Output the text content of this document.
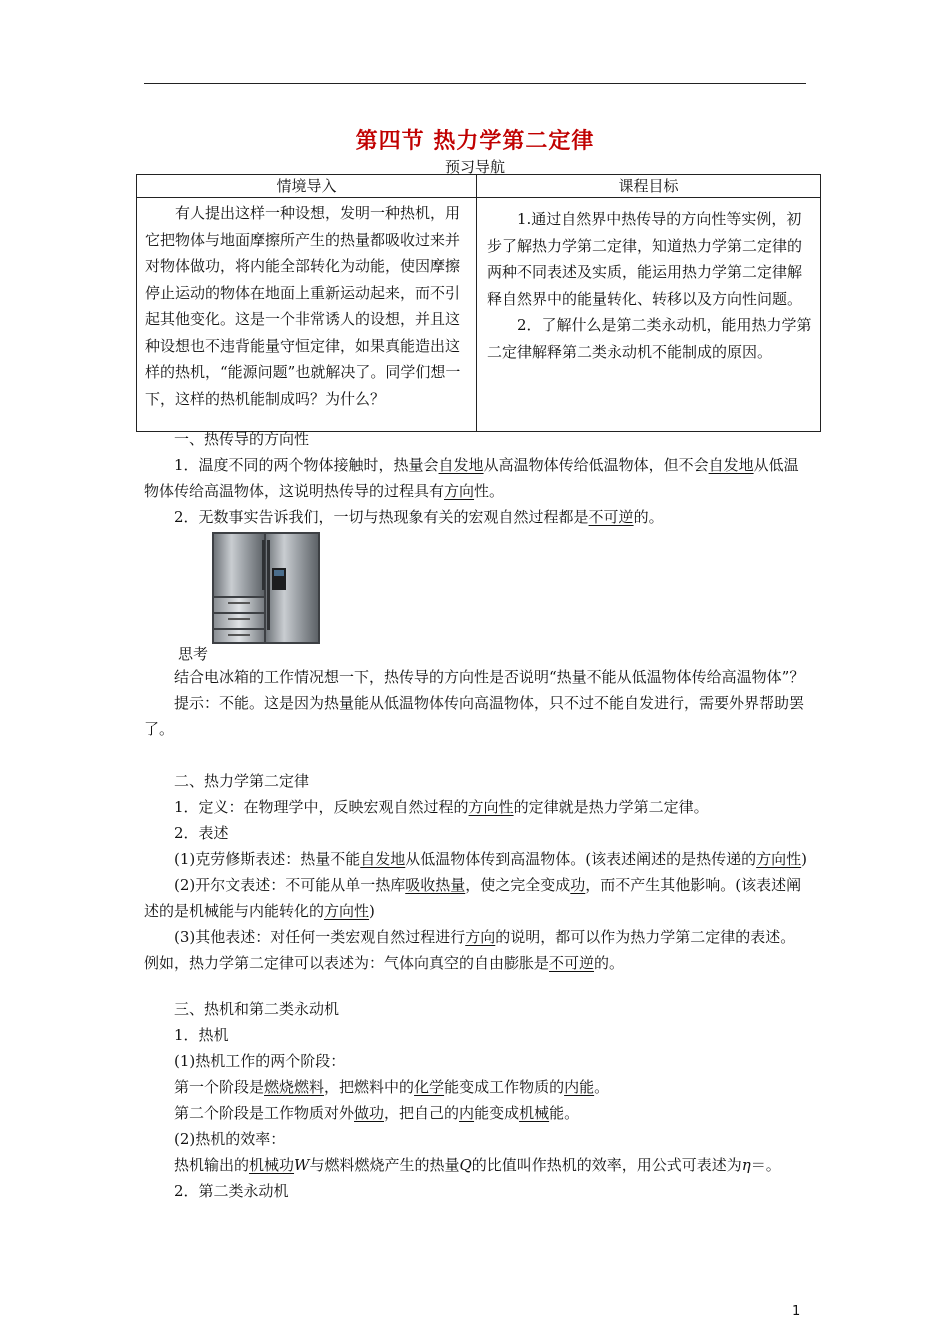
第四节 热力学第二定律
预习导航
情境导入	课程目标
有人提出这样一种设想，发明一种热机，用它把物体与地面摩擦所产生的热量都吸收过来并对物体做功，将内能全部转化为动能，使因摩擦停止运动的物体在地面上重新运动起来，而不引起其他变化。这是一个非常诱人的设想，并且这种设想也不违背能量守恒定律，如果真能造出这样的热机，“能源问题”也就解决了。同学们想一下，这样的热机能制成吗？为什么？	1.通过自然界中热传导的方向性等实例，初步了解热力学第二定律，知道热力学第二定律的两种不同表述及实质，能运用热力学第二定律解释自然界中的能量转化、转移以及方向性问题。

2．了解什么是第二类永动机，能用热力学第二定律解释第二类永动机不能制成的原因。

一、热传导的方向性

1．温度不同的两个物体接触时，热量会自发地从高温物体传给低温物体，但不会自发地从低温物体传给高温物体，这说明热传导的过程具有方向性。

2．无数事实告诉我们，一切与热现象有关的宏观自然过程都是不可逆的。

思考

结合电冰箱的工作情况想一下，热传导的方向性是否说明“热量不能从低温物体传给高温物体”？

提示：不能。这是因为热量能从低温物体传向高温物体，只不过不能自发进行，需要外界帮助罢了。

二、热力学第二定律

1．定义：在物理学中，反映宏观自然过程的方向性的定律就是热力学第二定律。

2．表述

(1)克劳修斯表述：热量不能自发地从低温物体传到高温物体。(该表述阐述的是热传递的方向性)

(2)开尔文表述：不可能从单一热库吸收热量，使之完全变成功，而不产生其他影响。(该表述阐述的是机械能与内能转化的方向性)

(3)其他表述：对任何一类宏观自然过程进行方向的说明，都可以作为热力学第二定律的表述。例如，热力学第二定律可以表述为：气体向真空的自由膨胀是不可逆的。

三、热机和第二类永动机

1．热机

(1)热机工作的两个阶段：

第一个阶段是燃烧燃料，把燃料中的化学能变成工作物质的内能。

第二个阶段是工作物质对外做功，把自己的内能变成机械能。

(2)热机的效率：

热机输出的机械功W与燃料燃烧产生的热量Q的比值叫作热机的效率，用公式可表述为η＝。

2．第二类永动机

1
